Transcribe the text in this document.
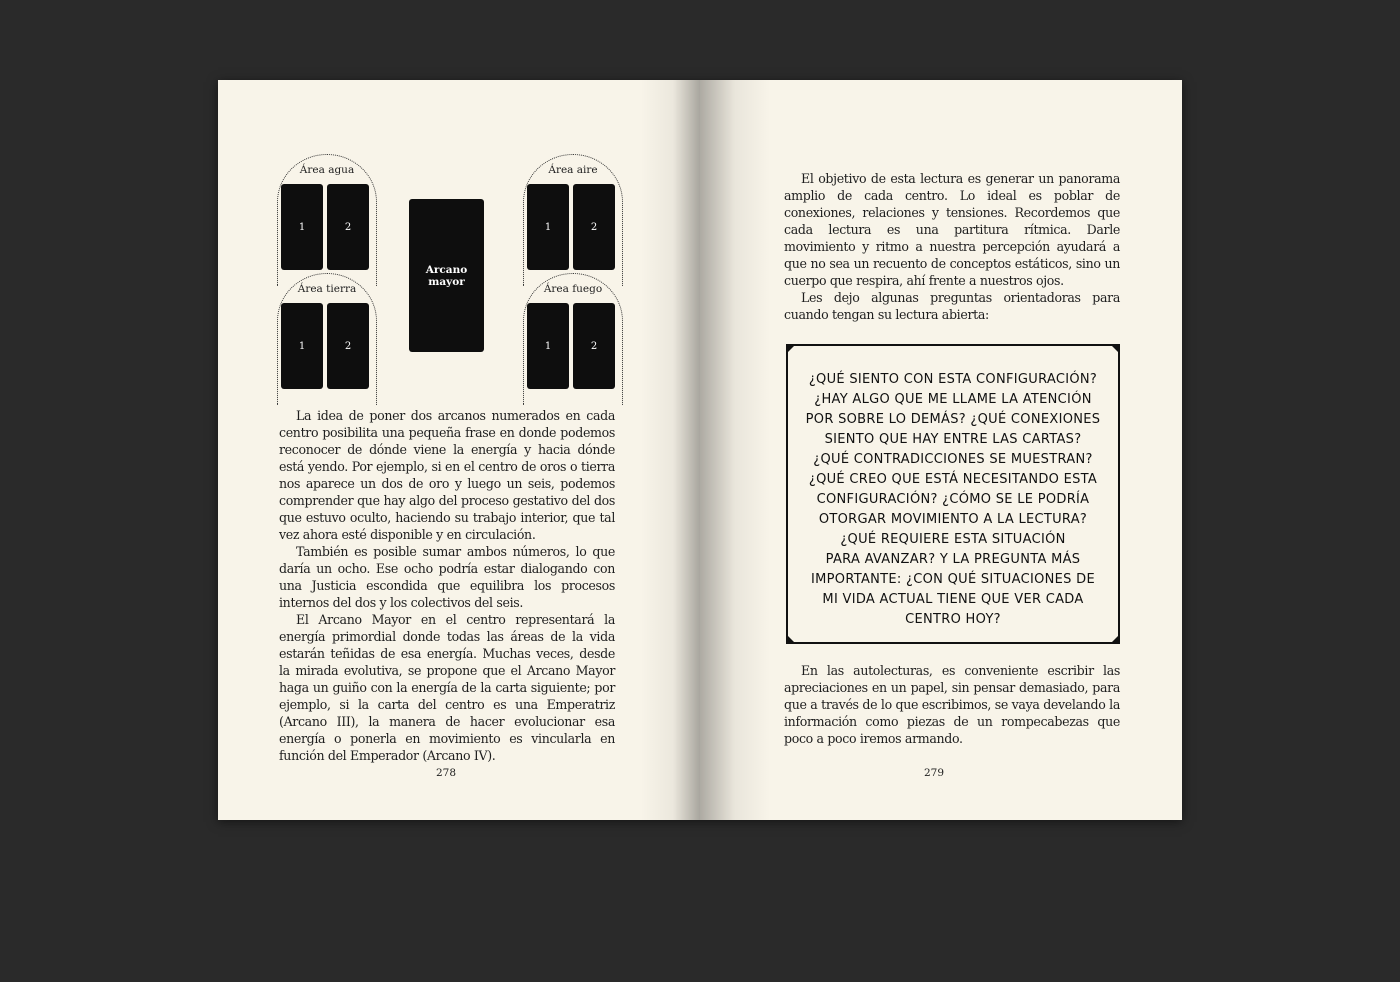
Área agua
1	2
Área tierra
1	2
Área aire
1	2
Área fuego
1	2
Arcano
mayor

La idea de poner dos arcanos numerados en cada centro posibilita una pequeña frase en donde podemos reconocer de dónde viene la energía y hacia dónde está yendo. Por ejemplo, si en el centro de oros o tierra nos aparece un dos de oro y luego un seis, podemos comprender que hay algo del proceso gestativo del dos que estuvo oculto, haciendo su trabajo interior, que tal vez ahora esté disponible y en circulación.

También es posible sumar ambos números, lo que daría un ocho. Ese ocho podría estar dialogando con una Justicia escondida que equilibra los procesos internos del dos y los colectivos del seis.

El Arcano Mayor en el centro representará la energía primordial donde todas las áreas de la vida estarán teñidas de esa energía. Muchas veces, desde la mirada evolutiva, se propone que el Arcano Mayor haga un guiño con la energía de la carta siguiente; por ejemplo, si la carta del centro es una Emperatriz (Arcano III), la manera de hacer evolucionar esa energía o ponerla en movimiento es vincularla en función del Emperador (Arcano IV).

278

El objetivo de esta lectura es generar un panorama amplio de cada centro. Lo ideal es poblar de conexiones, relaciones y tensiones. Recordemos que cada lectura es una partitura rítmica. Darle movimiento y ritmo a nuestra percepción ayudará a que no sea un recuento de conceptos estáticos, sino un cuerpo que respira, ahí frente a nuestros ojos.

Les dejo algunas preguntas orientadoras para cuando tengan su lectura abierta:

¿QUÉ SIENTO CON ESTA CONFIGURACIÓN?
¿HAY ALGO QUE ME LLAME LA ATENCIÓN
POR SOBRE LO DEMÁS? ¿QUÉ CONEXIONES
SIENTO QUE HAY ENTRE LAS CARTAS?
¿QUÉ CONTRADICCIONES SE MUESTRAN?
¿QUÉ CREO QUE ESTÁ NECESITANDO ESTA
CONFIGURACIÓN? ¿CÓMO SE LE PODRÍA
OTORGAR MOVIMIENTO A LA LECTURA?
¿QUÉ REQUIERE ESTA SITUACIÓN
PARA AVANZAR? Y LA PREGUNTA MÁS
IMPORTANTE: ¿CON QUÉ SITUACIONES DE
MI VIDA ACTUAL TIENE QUE VER CADA
CENTRO HOY?

En las autolecturas, es conveniente escribir las apreciaciones en un papel, sin pensar demasiado, para que a través de lo que escribimos, se vaya develando la información como piezas de un rompecabezas que poco a poco iremos armando.

279
